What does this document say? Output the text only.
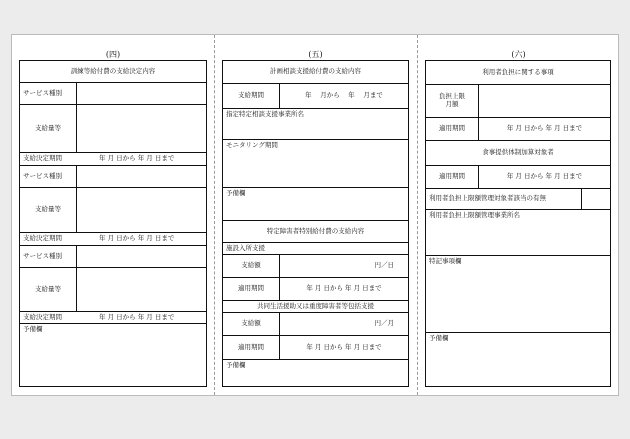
(四)
訓練等給付費の支給決定内容
サービス種別
支給量等
支給決定期間	年 月 日から 年 月 日まで
サービス種別
支給量等
支給決定期間	年 月 日から 年 月 日まで
サービス種別
支給量等
支給決定期間	年 月 日から 年 月 日まで
予備欄
(五)
計画相談支援給付費の支給内容
支給期間	年　 月から　 年　 月まで
指定特定相談支援事業所名
モニタリング期間
予備欄
特定障害者特別給付費の支給内容
施設入所支援
支給額	円／日
適用期間	年 月 日から 年 月 日まで
共同生活援助又は重度障害者等包括支援
支給額	円／月
適用期間	年 月 日から 年 月 日まで
予備欄
(六)
利用者負担に関する事項
負担上限
月額
適用期間	年 月 日から 年 月 日まで
食事提供体制加算対象者
適用期間	年 月 日から 年 月 日まで
利用者負担上限額管理対象者該当の有無
利用者負担上限額管理事業所名
特記事項欄
予備欄
